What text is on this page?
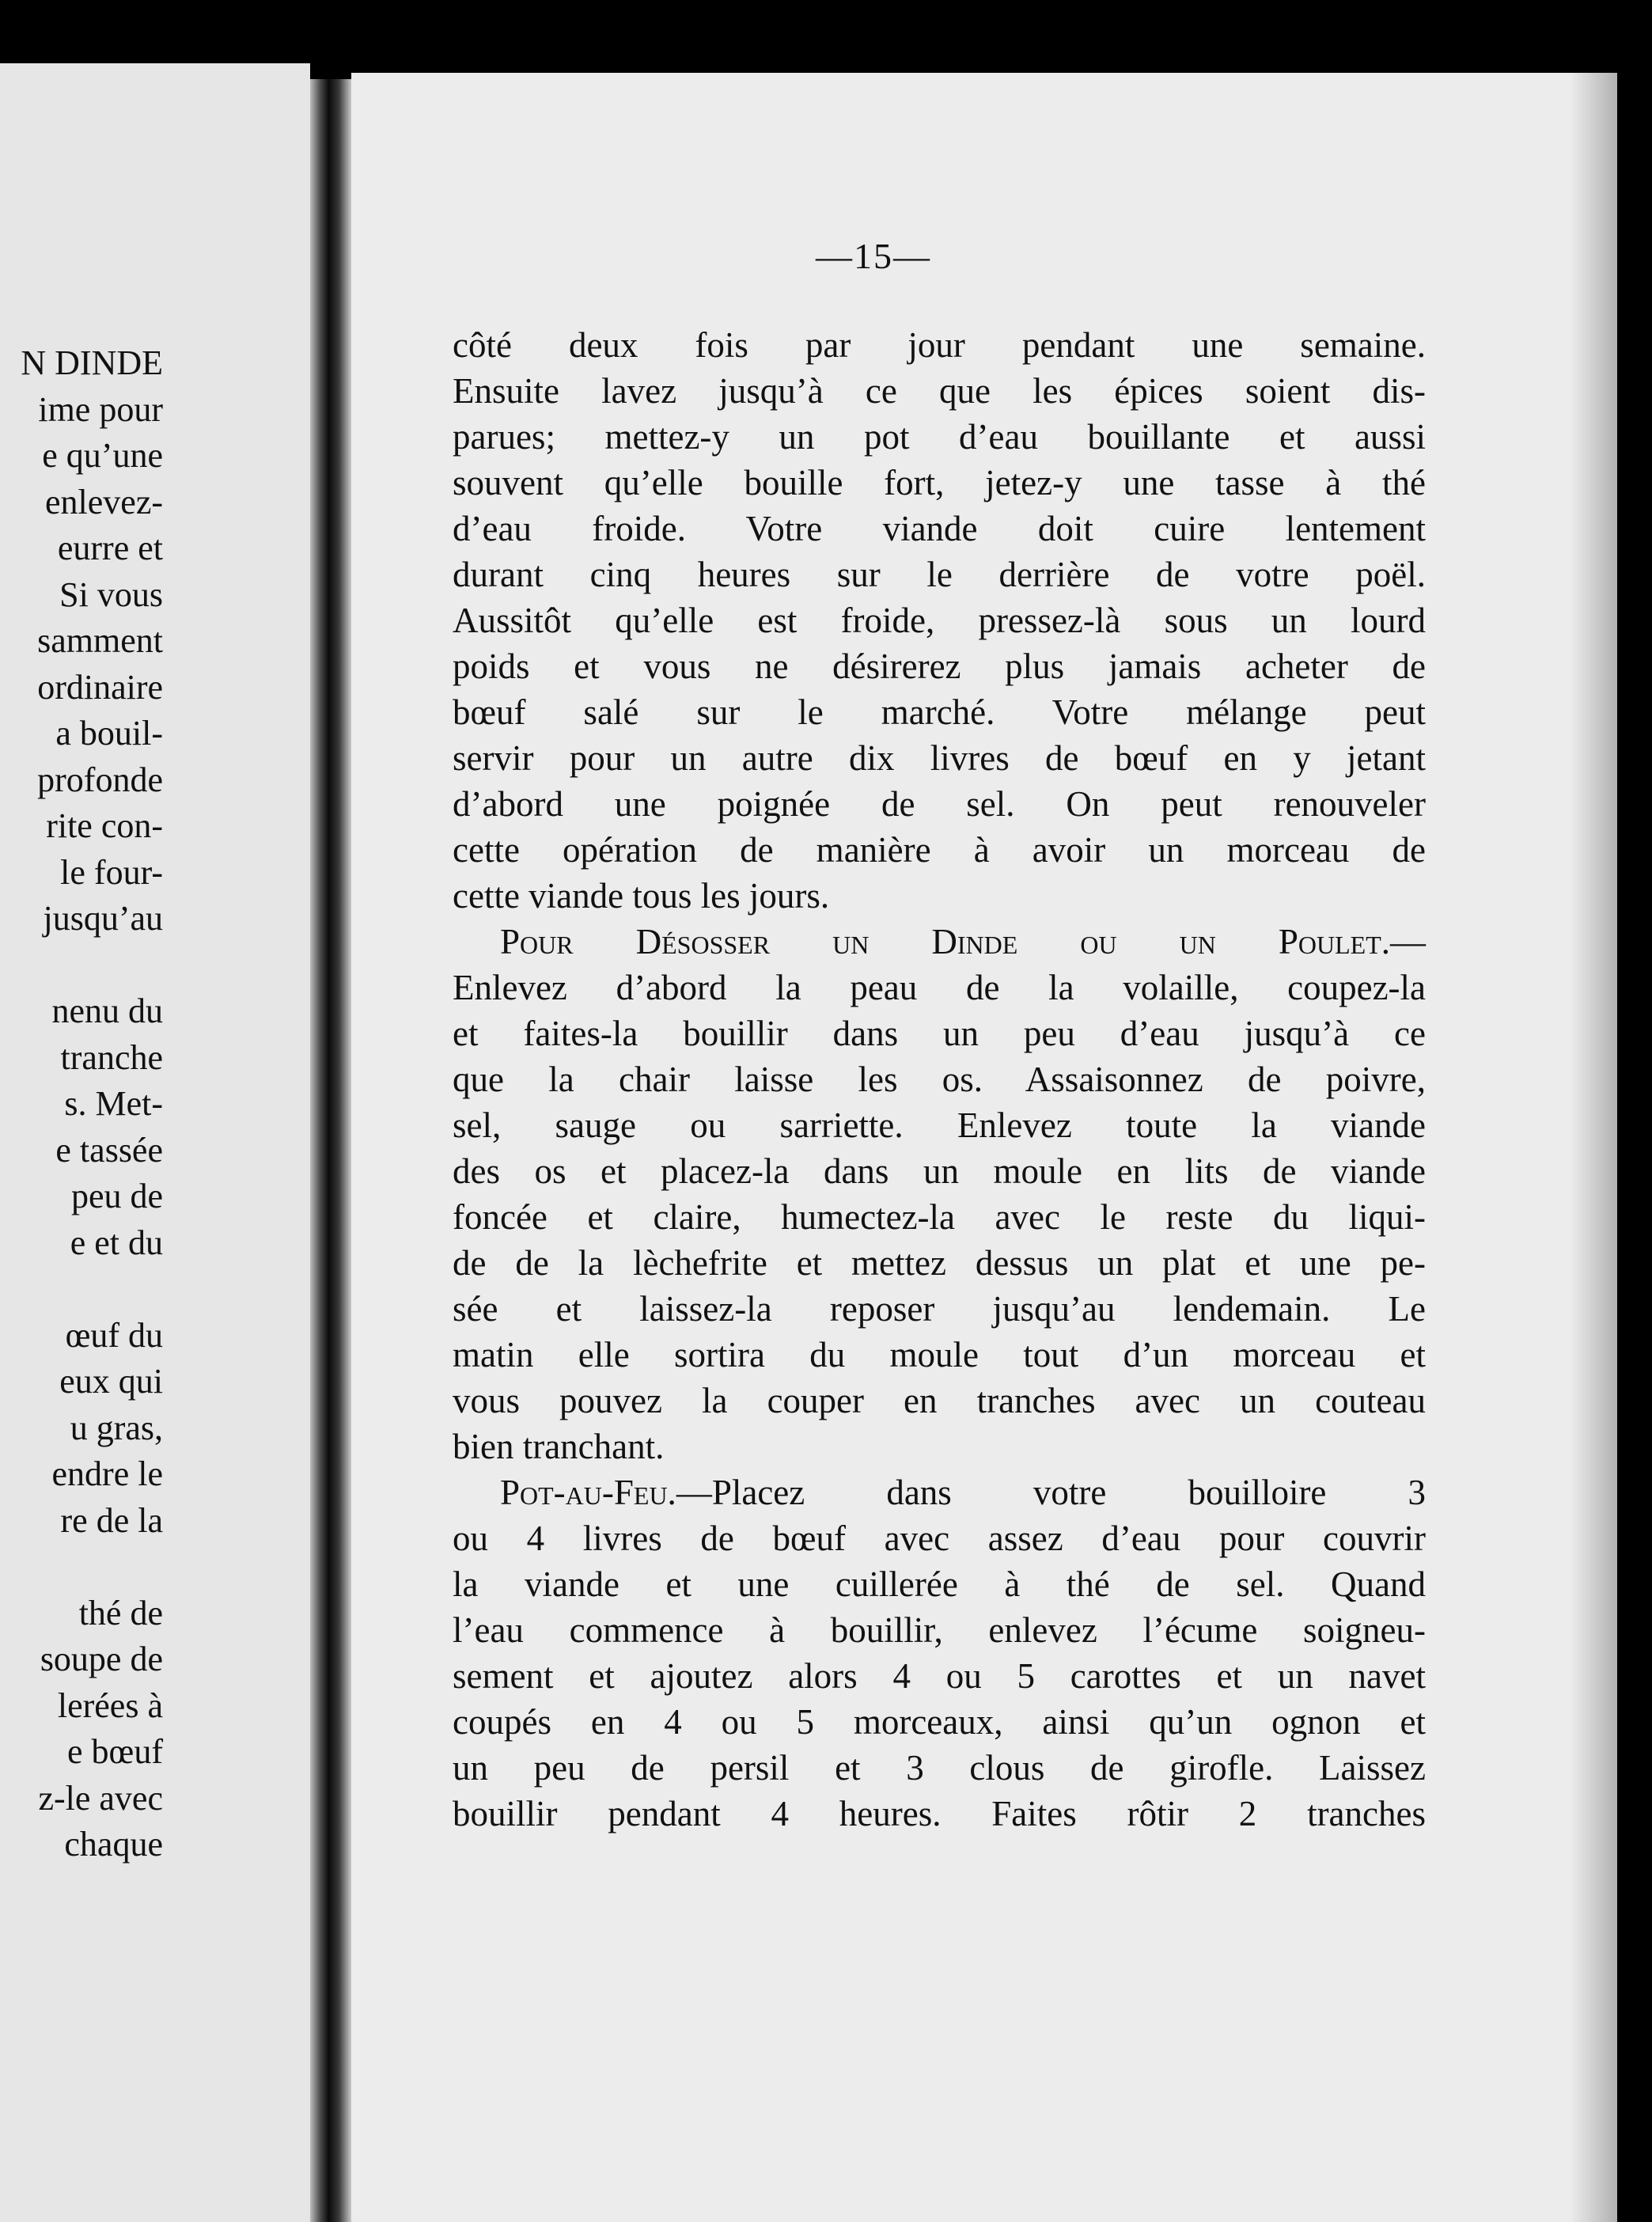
N DINDE
ime pour
e qu’une
enlevez-
eurre et
Si vous
samment
ordinaire
a bouil-
profonde
rite con-
le four-
jusqu’au
nenu du
tranche
s. Met-
e tassée
peu de
e et du
œuf du
eux qui
u gras,
endre le
re de la
thé de
soupe de
lerées à
e bœuf
z-le avec
chaque
—15—
côté deux fois par jour pendant une semaine.
Ensuite lavez jusqu’à ce que les épices soient dis-
parues; mettez-y un pot d’eau bouillante et aussi
souvent qu’elle bouille fort, jetez-y une tasse à thé
d’eau froide. Votre viande doit cuire lentement
durant cinq heures sur le derrière de votre poël.
Aussitôt qu’elle est froide, pressez-là sous un lourd
poids et vous ne désirerez plus jamais acheter de
bœuf salé sur le marché. Votre mélange peut
servir pour un autre dix livres de bœuf en y jetant
d’abord une poignée de sel. On peut renouveler
cette opération de manière à avoir un morceau de
cette viande tous les jours.
Pour Désosser un Dinde ou un Poulet.—
Enlevez d’abord la peau de la volaille, coupez-la
et faites-la bouillir dans un peu d’eau jusqu’à ce
que la chair laisse les os. Assaisonnez de poivre,
sel, sauge ou sarriette. Enlevez toute la viande
des os et placez-la dans un moule en lits de viande
foncée et claire, humectez-la avec le reste du liqui-
de de la lèchefrite et mettez dessus un plat et une pe-
sée et laissez-la reposer jusqu’au lendemain. Le
matin elle sortira du moule tout d’un morceau et
vous pouvez la couper en tranches avec un couteau
bien tranchant.
Pot-au-Feu.—Placez dans votre bouilloire 3
ou 4 livres de bœuf avec assez d’eau pour couvrir
la viande et une cuillerée à thé de sel. Quand
l’eau commence à bouillir, enlevez l’écume soigneu-
sement et ajoutez alors 4 ou 5 carottes et un navet
coupés en 4 ou 5 morceaux, ainsi qu’un ognon et
un peu de persil et 3 clous de girofle. Laissez
bouillir pendant 4 heures. Faites rôtir 2 tranches
